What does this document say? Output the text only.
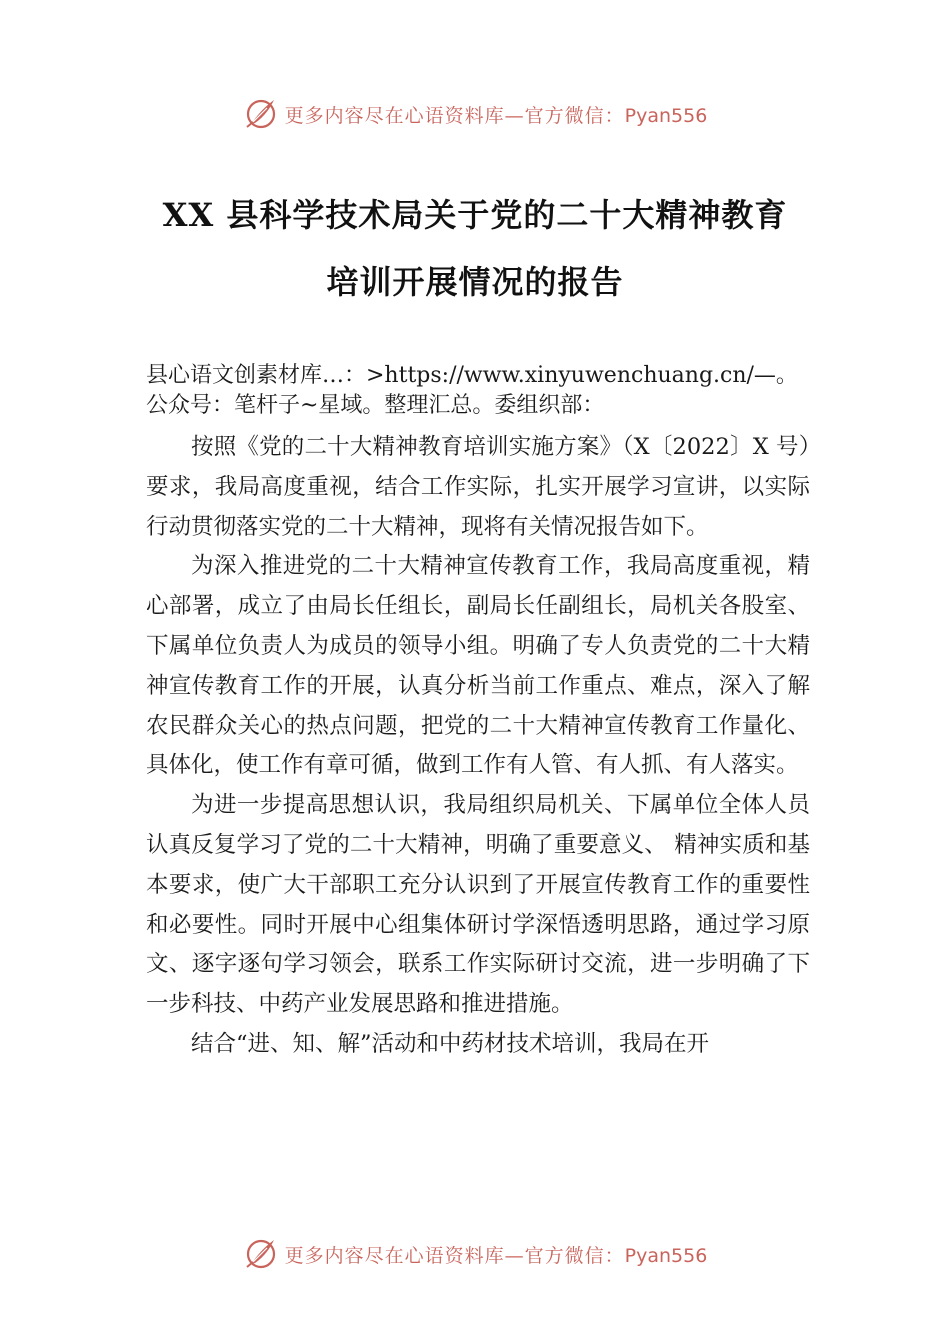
更多内容尽在心语资料库—官方微信：Pyan556
XX 县科学技术局关于党的二十大精神教育
培训开展情况的报告
县心语文创素材库…：>https://www.xinyuwenchuang.cn/—。
公众号：笔杆子~星域。整理汇总。委组织部：

按照《党的二十大精神教育培训实施方案》（X〔2022〕X 号）要求，我局高度重视，结合工作实际，扎实开展学习宣讲，以实际行动贯彻落实党的二十大精神，现将有关情况报告如下。

为深入推进党的二十大精神宣传教育工作，我局高度重视，精心部署，成立了由局长任组长，副局长任副组长，局机关各股室、下属单位负责人为成员的领导小组。明确了专人负责党的二十大精神宣传教育工作的开展，认真分析当前工作重点、难点，深入了解农民群众关心的热点问题，把党的二十大精神宣传教育工作量化、具体化，使工作有章可循，做到工作有人管、有人抓、有人落实。

为进一步提高思想认识，我局组织局机关、下属单位全体人员认真反复学习了党的二十大精神，明确了重要意义、 精神实质和基本要求，使广大干部职工充分认识到了开展宣传教育工作的重要性和必要性。同时开展中心组集体研讨学深悟透明思路，通过学习原文、逐字逐句学习领会，联系工作实际研讨交流，进一步明确了下一步科技、中药产业发展思路和推进措施。

结合“进、知、解”活动和中药材技术培训，我局在开

更多内容尽在心语资料库—官方微信：Pyan556
